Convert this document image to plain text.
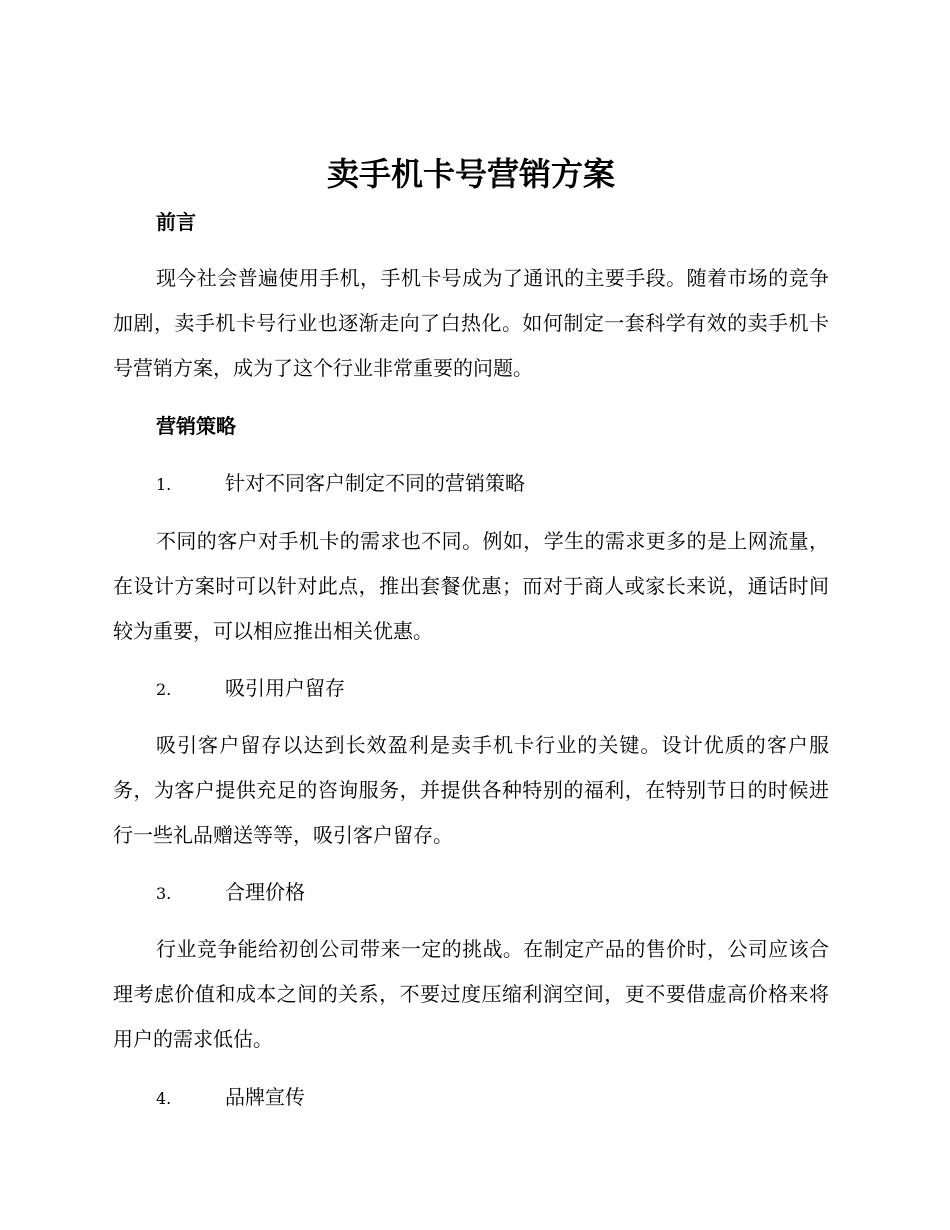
卖手机卡号营销方案
前言

现今社会普遍使用手机，手机卡号成为了通讯的主要手段。随着市场的竞争加剧，卖手机卡号行业也逐渐走向了白热化。如何制定一套科学有效的卖手机卡号营销方案，成为了这个行业非常重要的问题。

营销策略
1.	针对不同客户制定不同的营销策略

不同的客户对手机卡的需求也不同。例如，学生的需求更多的是上网流量，在设计方案时可以针对此点，推出套餐优惠；而对于商人或家长来说，通话时间较为重要，可以相应推出相关优惠。

2.	吸引用户留存

吸引客户留存以达到长效盈利是卖手机卡行业的关键。设计优质的客户服务，为客户提供充足的咨询服务，并提供各种特别的福利，在特别节日的时候进行一些礼品赠送等等，吸引客户留存。

3.	合理价格

行业竞争能给初创公司带来一定的挑战。在制定产品的售价时，公司应该合理考虑价值和成本之间的关系，不要过度压缩利润空间，更不要借虚高价格来将用户的需求低估。

4.	品牌宣传
